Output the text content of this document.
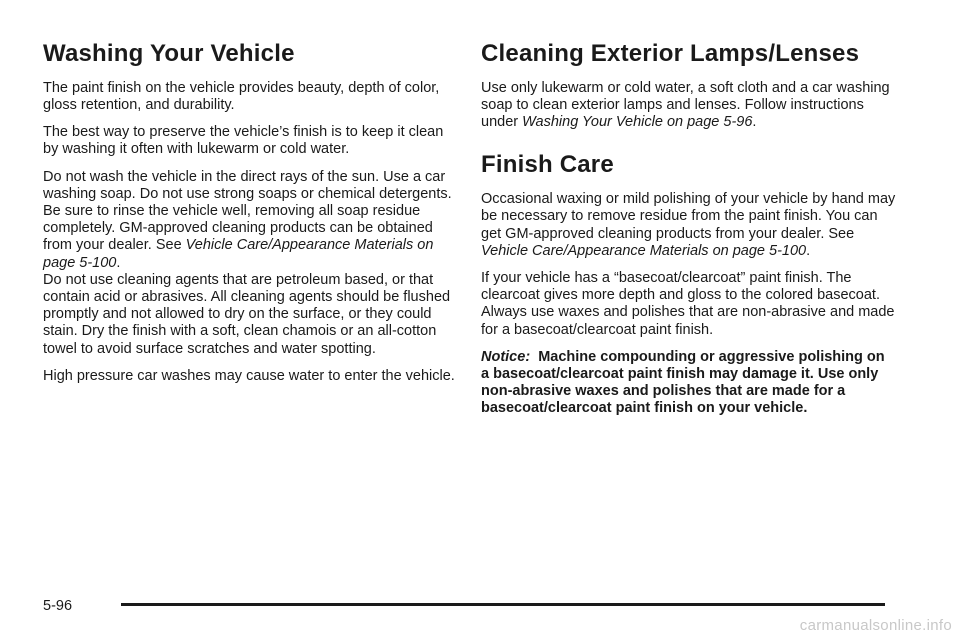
Washing Your Vehicle

The paint finish on the vehicle provides beauty, depth of color, gloss retention, and durability.

The best way to preserve the vehicle’s finish is to keep it clean by washing it often with lukewarm or cold water.

Do not wash the vehicle in the direct rays of the sun. Use a car washing soap. Do not use strong soaps or chemical detergents. Be sure to rinse the vehicle well, removing all soap residue completely. GM-approved cleaning products can be obtained from your dealer. See Vehicle Care/Appearance Materials on page 5-100.

Do not use cleaning agents that are petroleum based, or that contain acid or abrasives. All cleaning agents should be flushed promptly and not allowed to dry on the surface, or they could stain. Dry the finish with a soft, clean chamois or an all-cotton towel to avoid surface scratches and water spotting.

High pressure car washes may cause water to enter the vehicle.

Cleaning Exterior Lamps/Lenses

Use only lukewarm or cold water, a soft cloth and a car washing soap to clean exterior lamps and lenses. Follow instructions under Washing Your Vehicle on page 5-96.

Finish Care

Occasional waxing or mild polishing of your vehicle by hand may be necessary to remove residue from the paint finish. You can get GM-approved cleaning products from your dealer. See Vehicle Care/Appearance Materials on page 5-100.

If your vehicle has a “basecoat/clearcoat” paint finish. The clearcoat gives more depth and gloss to the colored basecoat. Always use waxes and polishes that are non-abrasive and made for a basecoat/clearcoat paint finish.

Notice: Machine compounding or aggressive polishing on a basecoat/clearcoat paint finish may damage it. Use only non-abrasive waxes and polishes that are made for a basecoat/clearcoat paint finish on your vehicle.

5-96
carmanualsonline.info
